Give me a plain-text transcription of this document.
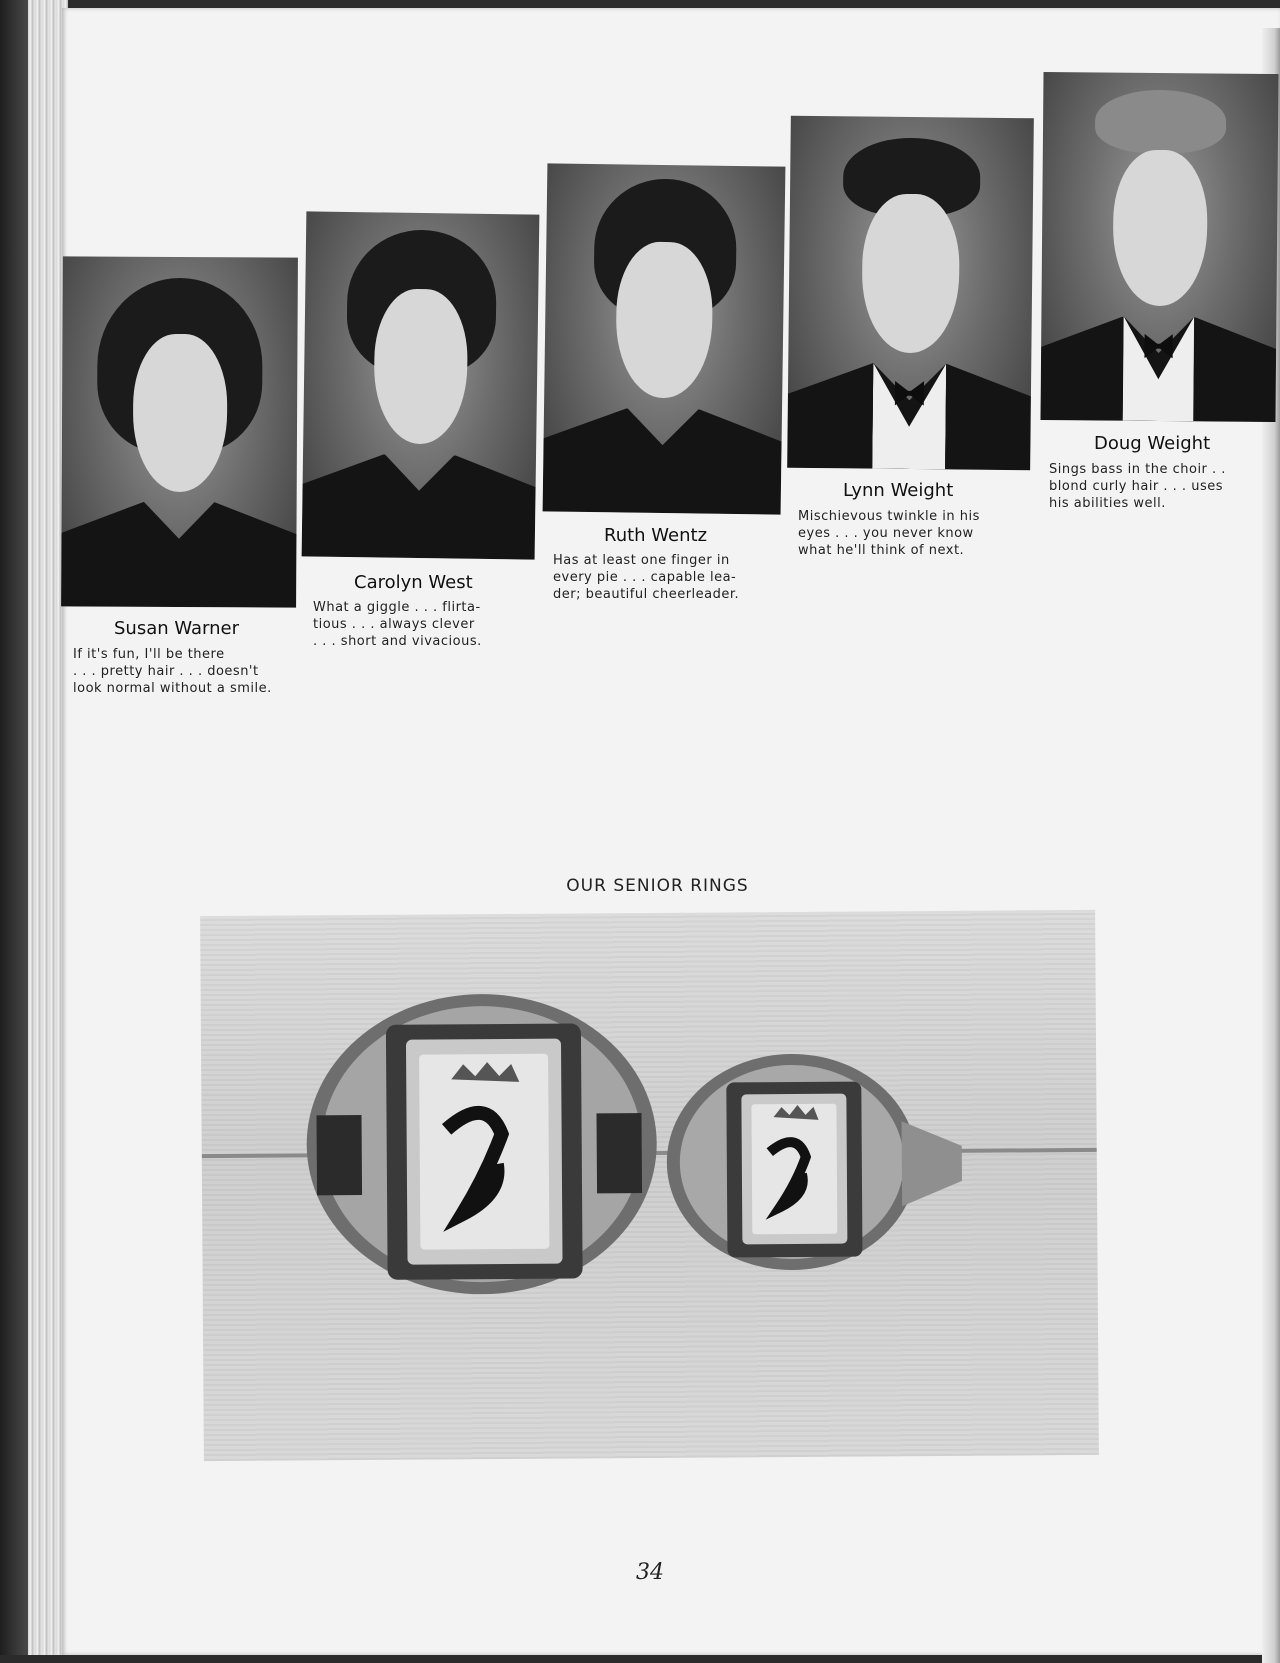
Susan Warner
If it's fun, I'll be there
. . . pretty hair . . . doesn't
look normal without a smile.
Carolyn West
What a giggle . . . flirta-
tious . . . always clever
. . . short and vivacious.
Ruth Wentz
Has at least one finger in
every pie . . . capable lea-
der; beautiful cheerleader.
Lynn Weight
Mischievous twinkle in his
eyes . . . you never know
what he'll think of next.
Doug Weight
Sings bass in the choir . .
blond curly hair . . . uses
his abilities well.
OUR SENIOR RINGS
34
